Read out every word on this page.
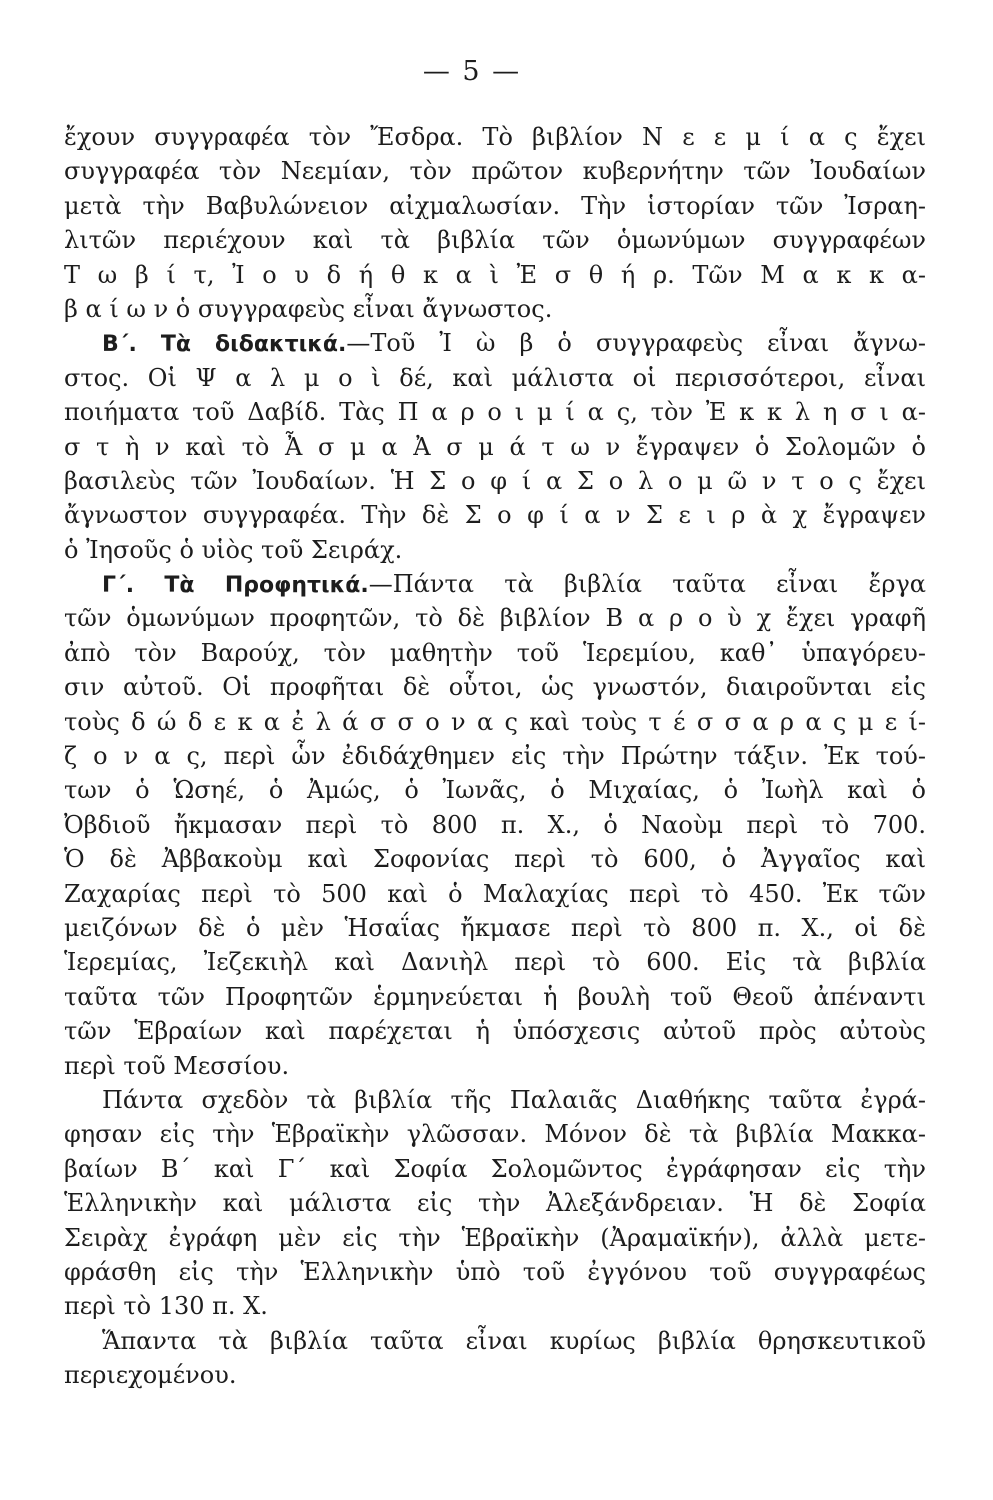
— 5 —
ἔχουν συγγραφέα τὸν Ἔσδρα. Τὸ βιβλίον Ν ε ε μ ί α ς ἔχει
συγγραφέα τὸν Νεεμίαν, τὸν πρῶτον κυβερνήτην τῶν Ἰουδαίων
μετὰ τὴν Βαβυλώνειον αἰχμαλωσίαν. Τὴν ἱστορίαν τῶν Ἰσραη-
λιτῶν περιέχουν καὶ τὰ βιβλία τῶν ὁμωνύμων συγγραφέων
Τ ω β ί τ, Ἰ ο υ δ ή θ κ α ὶ Ἐ σ θ ή ρ. Τῶν Μ α κ κ α-
β α ί ω ν ὁ συγγραφεὺς εἶναι ἄγνωστος.
Β΄. Τὰ διδακτικά.—Τοῦ Ἰ ὼ β ὁ συγγραφεὺς εἶναι ἄγνω-
στος. Οἱ Ψ α λ μ ο ὶ δέ, καὶ μάλιστα οἱ περισσότεροι, εἶναι
ποιήματα τοῦ Δαβίδ. Τὰς Π α ρ ο ι μ ί α ς, τὸν Ἐ κ κ λ η σ ι α-
σ τ ὴ ν καὶ τὸ Ἆ σ μ α Ἀ σ μ ά τ ω ν ἔγραψεν ὁ Σολομῶν ὁ
βασιλεὺς τῶν Ἰουδαίων. Ἡ Σ ο φ ί α Σ ο λ ο μ ῶ ν τ ο ς ἔχει
ἄγνωστον συγγραφέα. Τὴν δὲ Σ ο φ ί α ν Σ ε ι ρ ὰ χ ἔγραψεν
ὁ Ἰησοῦς ὁ υἱὸς τοῦ Σειράχ.
Γ΄. Τὰ Προφητικά.—Πάντα τὰ βιβλία ταῦτα εἶναι ἔργα
τῶν ὁμωνύμων προφητῶν, τὸ δὲ βιβλίον Β α ρ ο ὺ χ ἔχει γραφῆ
ἀπὸ τὸν Βαρούχ, τὸν μαθητὴν τοῦ Ἱερεμίου, καθ᾿ ὑπαγόρευ-
σιν αὐτοῦ. Οἱ προφῆται δὲ οὗτοι, ὡς γνωστόν, διαιροῦνται εἰς
τοὺς δ ώ δ ε κ α ἐ λ ά σ σ ο ν α ς καὶ τοὺς τ έ σ σ α ρ α ς μ ε ί-
ζ ο ν α ς, περὶ ὧν ἐδιδάχθημεν εἰς τὴν Πρώτην τάξιν. Ἐκ τού-
των ὁ Ὡσηέ, ὁ Ἀμώς, ὁ Ἰωνᾶς, ὁ Μιχαίας, ὁ Ἰωὴλ καὶ ὁ
Ὀβδιοῦ ἤκμασαν περὶ τὸ 800 π. Χ., ὁ Ναοὺμ περὶ τὸ 700.
Ὁ δὲ Ἀββακοὺμ καὶ Σοφονίας περὶ τὸ 600, ὁ Ἀγγαῖος καὶ
Ζαχαρίας περὶ τὸ 500 καὶ ὁ Μαλαχίας περὶ τὸ 450. Ἐκ τῶν
μειζόνων δὲ ὁ μὲν Ἡσαΐας ἤκμασε περὶ τὸ 800 π. Χ., οἱ δὲ
Ἱερεμίας, Ἰεζεκιὴλ καὶ Δανιὴλ περὶ τὸ 600. Εἰς τὰ βιβλία
ταῦτα τῶν Προφητῶν ἑρμηνεύεται ἡ βουλὴ τοῦ Θεοῦ ἀπέναντι
τῶν Ἑβραίων καὶ παρέχεται ἡ ὑπόσχεσις αὐτοῦ πρὸς αὐτοὺς
περὶ τοῦ Μεσσίου.
Πάντα σχεδὸν τὰ βιβλία τῆς Παλαιᾶς Διαθήκης ταῦτα ἐγρά-
φησαν εἰς τὴν Ἑβραϊκὴν γλῶσσαν. Μόνον δὲ τὰ βιβλία Μακκα-
βαίων Β΄ καὶ Γ΄ καὶ Σοφία Σολομῶντος ἐγράφησαν εἰς τὴν
Ἑλληνικὴν καὶ μάλιστα εἰς τὴν Ἀλεξάνδρειαν. Ἡ δὲ Σοφία
Σειρὰχ ἐγράφη μὲν εἰς τὴν Ἑβραϊκὴν (Ἀραμαϊκήν), ἀλλὰ μετε-
φράσθη εἰς τὴν Ἑλληνικὴν ὑπὸ τοῦ ἐγγόνου τοῦ συγγραφέως
περὶ τὸ 130 π. Χ.
Ἅπαντα τὰ βιβλία ταῦτα εἶναι κυρίως βιβλία θρησκευτικοῦ
περιεχομένου.
